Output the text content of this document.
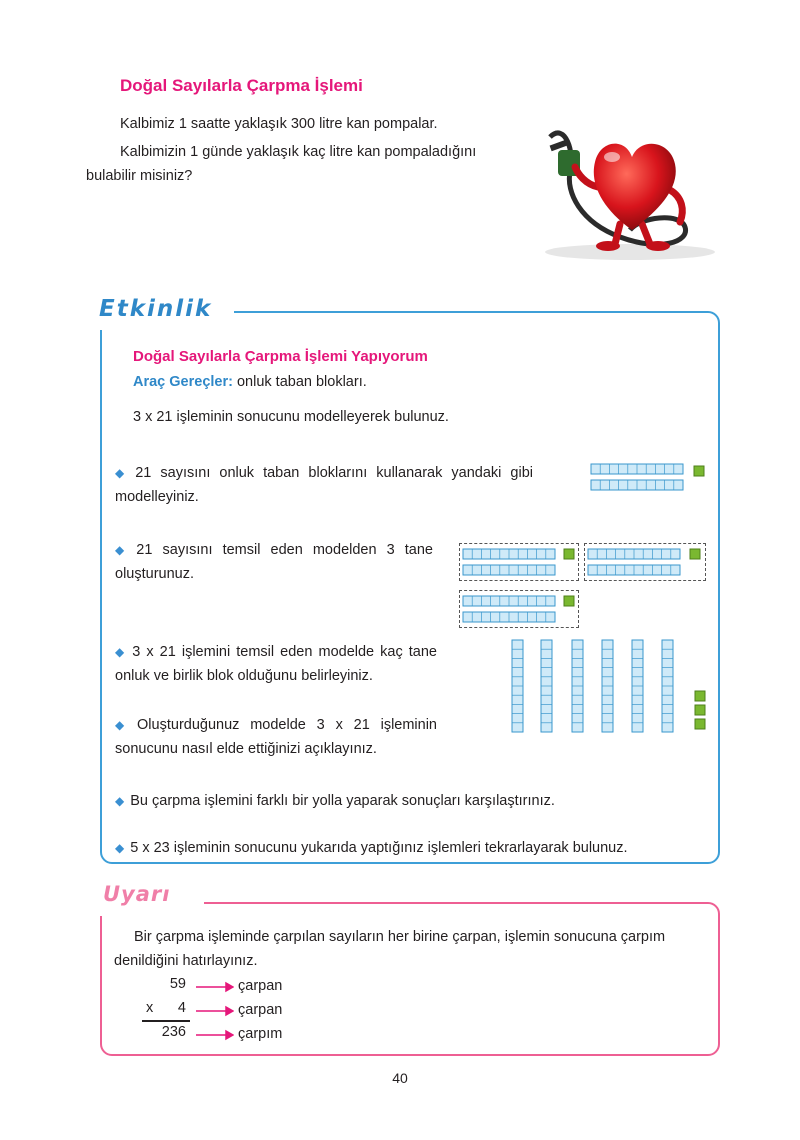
Doğal Sayılarla Çarpma İşlemi
Kalbimiz 1 saatte yaklaşık 300 litre kan pompalar.
Kalbimizin 1 günde yaklaşık kaç litre kan pompaladığını bulabilir misiniz?
Etkinlik
Doğal Sayılarla Çarpma İşlemi Yapıyorum
Araç Gereçler: onluk taban blokları.
3 x 21 işleminin sonucunu modelleyerek bulunuz.
◆ 21 sayısını onluk taban bloklarını kullanarak yandaki gibi modelleyiniz.
◆ 21 sayısını temsil eden modelden 3 tane oluşturunuz.
◆ 3 x 21 işlemini temsil eden modelde kaç tane onluk ve birlik blok olduğunu belirleyiniz.
◆ Oluşturduğunuz modelde 3 x 21 işleminin sonucunu nasıl elde ettiğinizi açıklayınız.
◆ Bu çarpma işlemini farklı bir yolla yaparak sonuçları karşılaştırınız.
◆ 5 x 23 işleminin sonucunu yukarıda yaptığınız işlemleri tekrarlayarak bulunuz.
Uyarı
Bir çarpma işleminde çarpılan sayıların her birine çarpan, işlemin sonucuna çarpım denildiğini hatırlayınız.
x
59
4
236
çarpan
çarpan
çarpım
40
